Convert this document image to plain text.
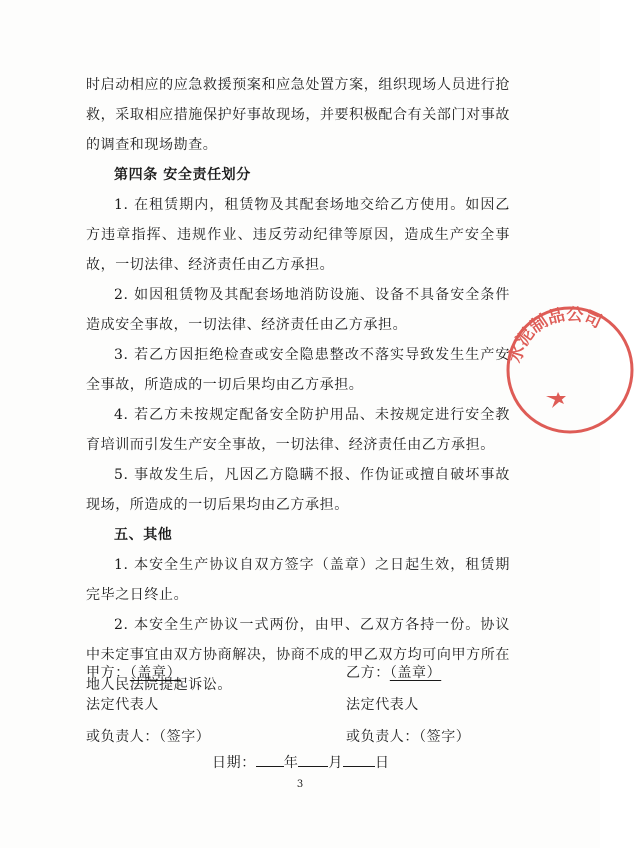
时启动相应的应急救援预案和应急处置方案，组织现场人员进行抢救，采取相应措施保护好事故现场，并要积极配合有关部门对事故的调查和现场勘查。

第四条 安全责任划分

1. 在租赁期内，租赁物及其配套场地交给乙方使用。如因乙方违章指挥、违规作业、违反劳动纪律等原因，造成生产安全事故，一切法律、经济责任由乙方承担。

2. 如因租赁物及其配套场地消防设施、设备不具备安全条件造成安全事故，一切法律、经济责任由乙方承担。

3. 若乙方因拒绝检查或安全隐患整改不落实导致发生生产安全事故，所造成的一切后果均由乙方承担。

4. 若乙方未按规定配备安全防护用品、未按规定进行安全教育培训而引发生产安全事故，一切法律、经济责任由乙方承担。

5. 事故发生后，凡因乙方隐瞒不报、作伪证或擅自破坏事故现场，所造成的一切后果均由乙方承担。

五、其他

1. 本安全生产协议自双方签字（盖章）之日起生效，租赁期完毕之日终止。

2. 本安全生产协议一式两份，由甲、乙双方各持一份。协议中未定事宜由双方协商解决，协商不成的甲乙双方均可向甲方所在地人民法院提起诉讼。

甲方：（盖章）	乙方：（盖章）
法定代表人	法定代表人
或负责人：（签字）	或负责人：（签字）
日期： 年 月 日
3
水泥制品公司
